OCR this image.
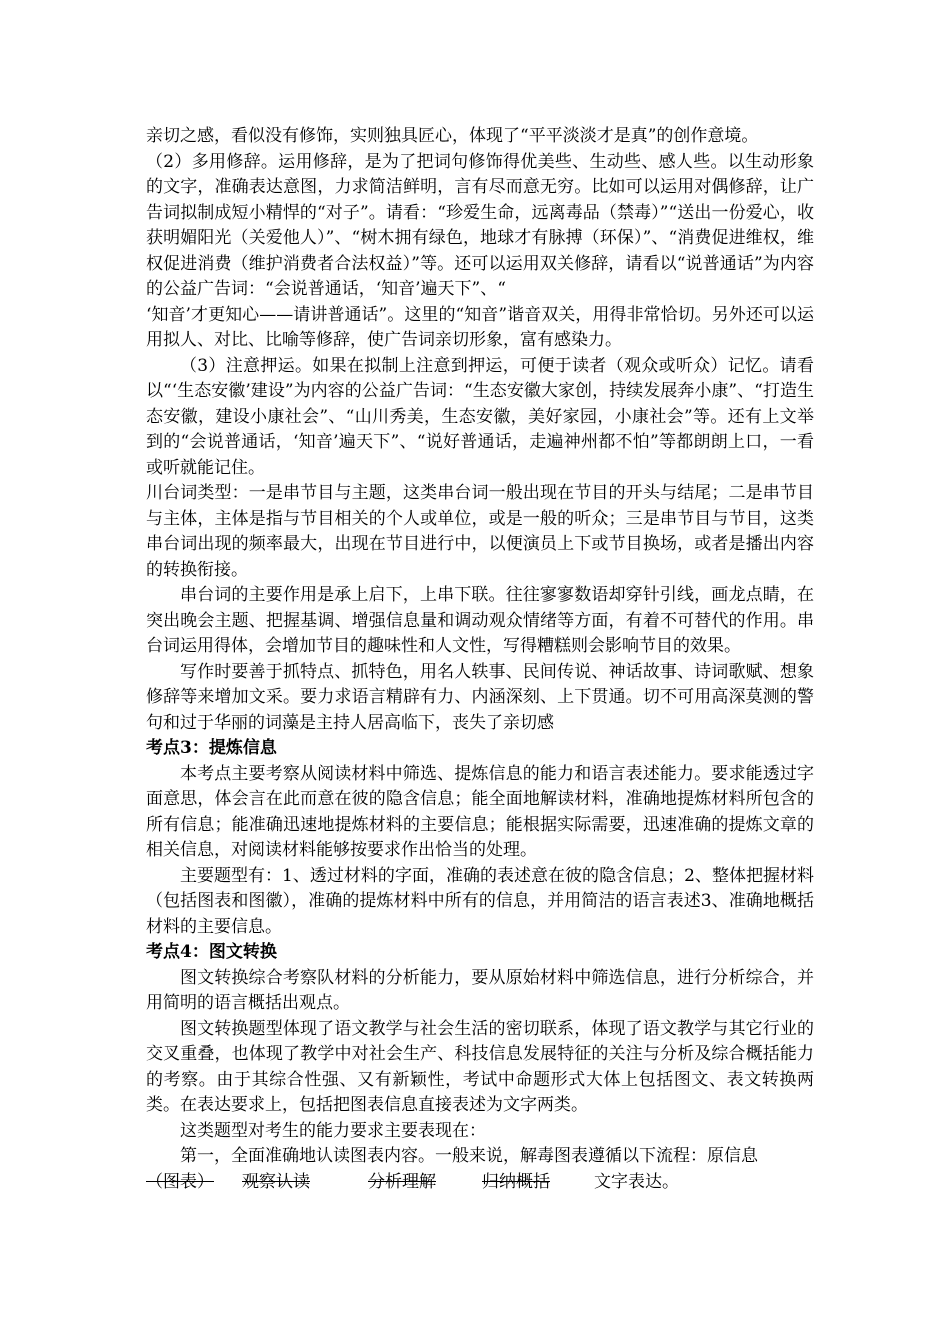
亲切之感，看似没有修饰，实则独具匠心，体现了“平平淡淡才是真”的创作意境。

（2）多用修辞。运用修辞，是为了把词句修饰得优美些、生动些、感人些。以生动形象的文字，准确表达意图，力求简洁鲜明，言有尽而意无穷。比如可以运用对偶修辞，让广告词拟制成短小精悍的“对子”。请看：“珍爱生命，远离毒品（禁毒）”“送出一份爱心，收获明媚阳光（关爱他人）”、“树木拥有绿色，地球才有脉搏（环保）”、“消费促进维权，维权促进消费（维护消费者合法权益）”等。还可以运用双关修辞，请看以“说普通话”为内容的公益广告词：“会说普通话，‘知音’遍天下”、“

‘知音’才更知心——请讲普通话”。这里的“知音”谐音双关，用得非常恰切。另外还可以运用拟人、对比、比喻等修辞，使广告词亲切形象，富有感染力。

（3）注意押运。如果在拟制上注意到押运，可便于读者（观众或听众）记忆。请看以“‘生态安徽’建设”为内容的公益广告词：“生态安徽大家创，持续发展奔小康”、“打造生态安徽，建设小康社会”、“山川秀美，生态安徽，美好家园，小康社会”等。还有上文举到的“会说普通话，‘知音’遍天下”、“说好普通话，走遍神州都不怕”等都朗朗上口，一看或听就能记住。

川台词类型：一是串节目与主题，这类串台词一般出现在节目的开头与结尾；二是串节目与主体，主体是指与节目相关的个人或单位，或是一般的听众；三是串节目与节目，这类串台词出现的频率最大，出现在节目进行中，以便演员上下或节目换场，或者是播出内容的转换衔接。

串台词的主要作用是承上启下，上串下联。往往寥寥数语却穿针引线，画龙点睛，在突出晚会主题、把握基调、增强信息量和调动观众情绪等方面，有着不可替代的作用。串台词运用得体，会增加节目的趣味性和人文性，写得糟糕则会影响节目的效果。

写作时要善于抓特点、抓特色，用名人轶事、民间传说、神话故事、诗词歌赋、想象修辞等来增加文采。要力求语言精辟有力、内涵深刻、上下贯通。切不可用高深莫测的警句和过于华丽的词藻是主持人居高临下，丧失了亲切感

考点3：提炼信息

本考点主要考察从阅读材料中筛选、提炼信息的能力和语言表述能力。要求能透过字面意思，体会言在此而意在彼的隐含信息；能全面地解读材料，准确地提炼材料所包含的所有信息；能准确迅速地提炼材料的主要信息；能根据实际需要，迅速准确的提炼文章的相关信息，对阅读材料能够按要求作出恰当的处理。

主要题型有：1、透过材料的字面，准确的表述意在彼的隐含信息；2、整体把握材料（包括图表和图徽），准确的提炼材料中所有的信息，并用简洁的语言表述3、准确地概括材料的主要信息。

考点4：图文转换

图文转换综合考察队材料的分析能力，要从原始材料中筛选信息，进行分析综合，并用简明的语言概括出观点。

图文转换题型体现了语文教学与社会生活的密切联系，体现了语文教学与其它行业的交叉重叠，也体现了教学中对社会生产、科技信息发展特征的关注与分析及综合概括能力的考察。由于其综合性强、又有新颖性，考试中命题形式大体上包括图文、表文转换两类。在表达要求上，包括把图表信息直接表述为文字两类。

这类题型对考生的能力要求主要表现在：

第一，全面准确地认读图表内容。一般来说，解毒图表遵循以下流程：原信息

（图表） 观察认读	分析理解	归纳概括	文字表达。
